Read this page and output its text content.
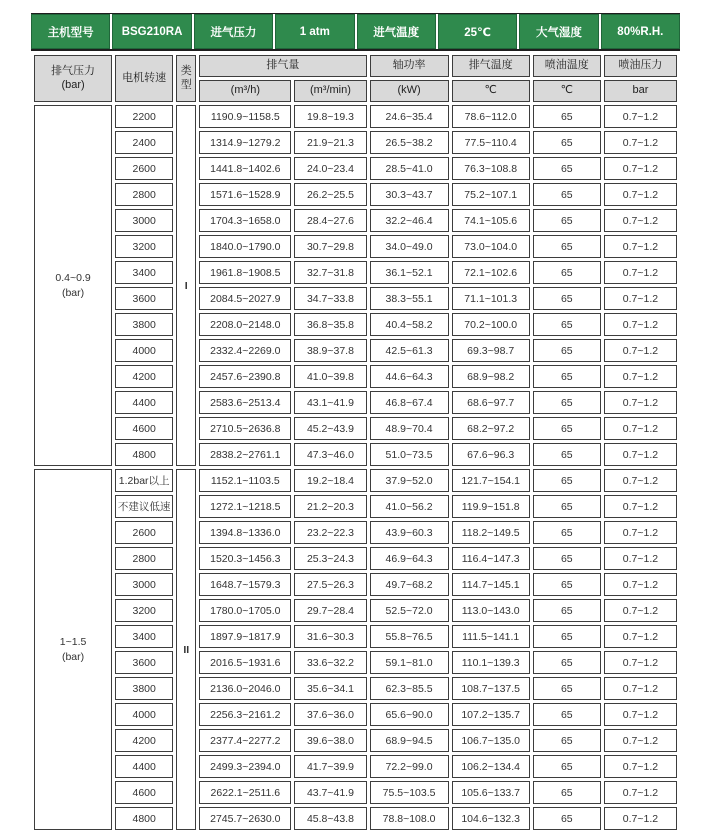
主机型号	BSG210RA	进气压力	1 atm	进气温度	25℃	大气湿度	80%R.H.
排气压力
(bar)	电机转速	类型	排气量		轴功率	排气温度	喷油温度	喷油压力
			(m³/h)	(m³/min)	(kW)	℃	℃	bar

0.4~0.9
(bar)	2200	I	1190.9~1158.5	19.8~19.3	24.6~35.4	78.6~112.0	65	0.7~1.2
	2400		1314.9~1279.2	21.9~21.3	26.5~38.2	77.5~110.4	65	0.7~1.2
	2600		1441.8~1402.6	24.0~23.4	28.5~41.0	76.3~108.8	65	0.7~1.2
	2800		1571.6~1528.9	26.2~25.5	30.3~43.7	75.2~107.1	65	0.7~1.2
	3000		1704.3~1658.0	28.4~27.6	32.2~46.4	74.1~105.6	65	0.7~1.2
	3200		1840.0~1790.0	30.7~29.8	34.0~49.0	73.0~104.0	65	0.7~1.2
	3400		1961.8~1908.5	32.7~31.8	36.1~52.1	72.1~102.6	65	0.7~1.2
	3600		2084.5~2027.9	34.7~33.8	38.3~55.1	71.1~101.3	65	0.7~1.2
	3800		2208.0~2148.0	36.8~35.8	40.4~58.2	70.2~100.0	65	0.7~1.2
	4000		2332.4~2269.0	38.9~37.8	42.5~61.3	69.3~98.7	65	0.7~1.2
	4200		2457.6~2390.8	41.0~39.8	44.6~64.3	68.9~98.2	65	0.7~1.2
	4400		2583.6~2513.4	43.1~41.9	46.8~67.4	68.6~97.7	65	0.7~1.2
	4600		2710.5~2636.8	45.2~43.9	48.9~70.4	68.2~97.2	65	0.7~1.2
	4800		2838.2~2761.1	47.3~46.0	51.0~73.5	67.6~96.3	65	0.7~1.2

1~1.5
(bar)	1.2bar以上	II	1152.1~1103.5	19.2~18.4	37.9~52.0	121.7~154.1	65	0.7~1.2
	不建议低速		1272.1~1218.5	21.2~20.3	41.0~56.2	119.9~151.8	65	0.7~1.2
	2600		1394.8~1336.0	23.2~22.3	43.9~60.3	118.2~149.5	65	0.7~1.2
	2800		1520.3~1456.3	25.3~24.3	46.9~64.3	116.4~147.3	65	0.7~1.2
	3000		1648.7~1579.3	27.5~26.3	49.7~68.2	114.7~145.1	65	0.7~1.2
	3200		1780.0~1705.0	29.7~28.4	52.5~72.0	113.0~143.0	65	0.7~1.2
	3400		1897.9~1817.9	31.6~30.3	55.8~76.5	111.5~141.1	65	0.7~1.2
	3600		2016.5~1931.6	33.6~32.2	59.1~81.0	110.1~139.3	65	0.7~1.2
	3800		2136.0~2046.0	35.6~34.1	62.3~85.5	108.7~137.5	65	0.7~1.2
	4000		2256.3~2161.2	37.6~36.0	65.6~90.0	107.2~135.7	65	0.7~1.2
	4200		2377.4~2277.2	39.6~38.0	68.9~94.5	106.7~135.0	65	0.7~1.2
	4400		2499.3~2394.0	41.7~39.9	72.2~99.0	106.2~134.4	65	0.7~1.2
	4600		2622.1~2511.6	43.7~41.9	75.5~103.5	105.6~133.7	65	0.7~1.2
	4800		2745.7~2630.0	45.8~43.8	78.8~108.0	104.6~132.3	65	0.7~1.2
